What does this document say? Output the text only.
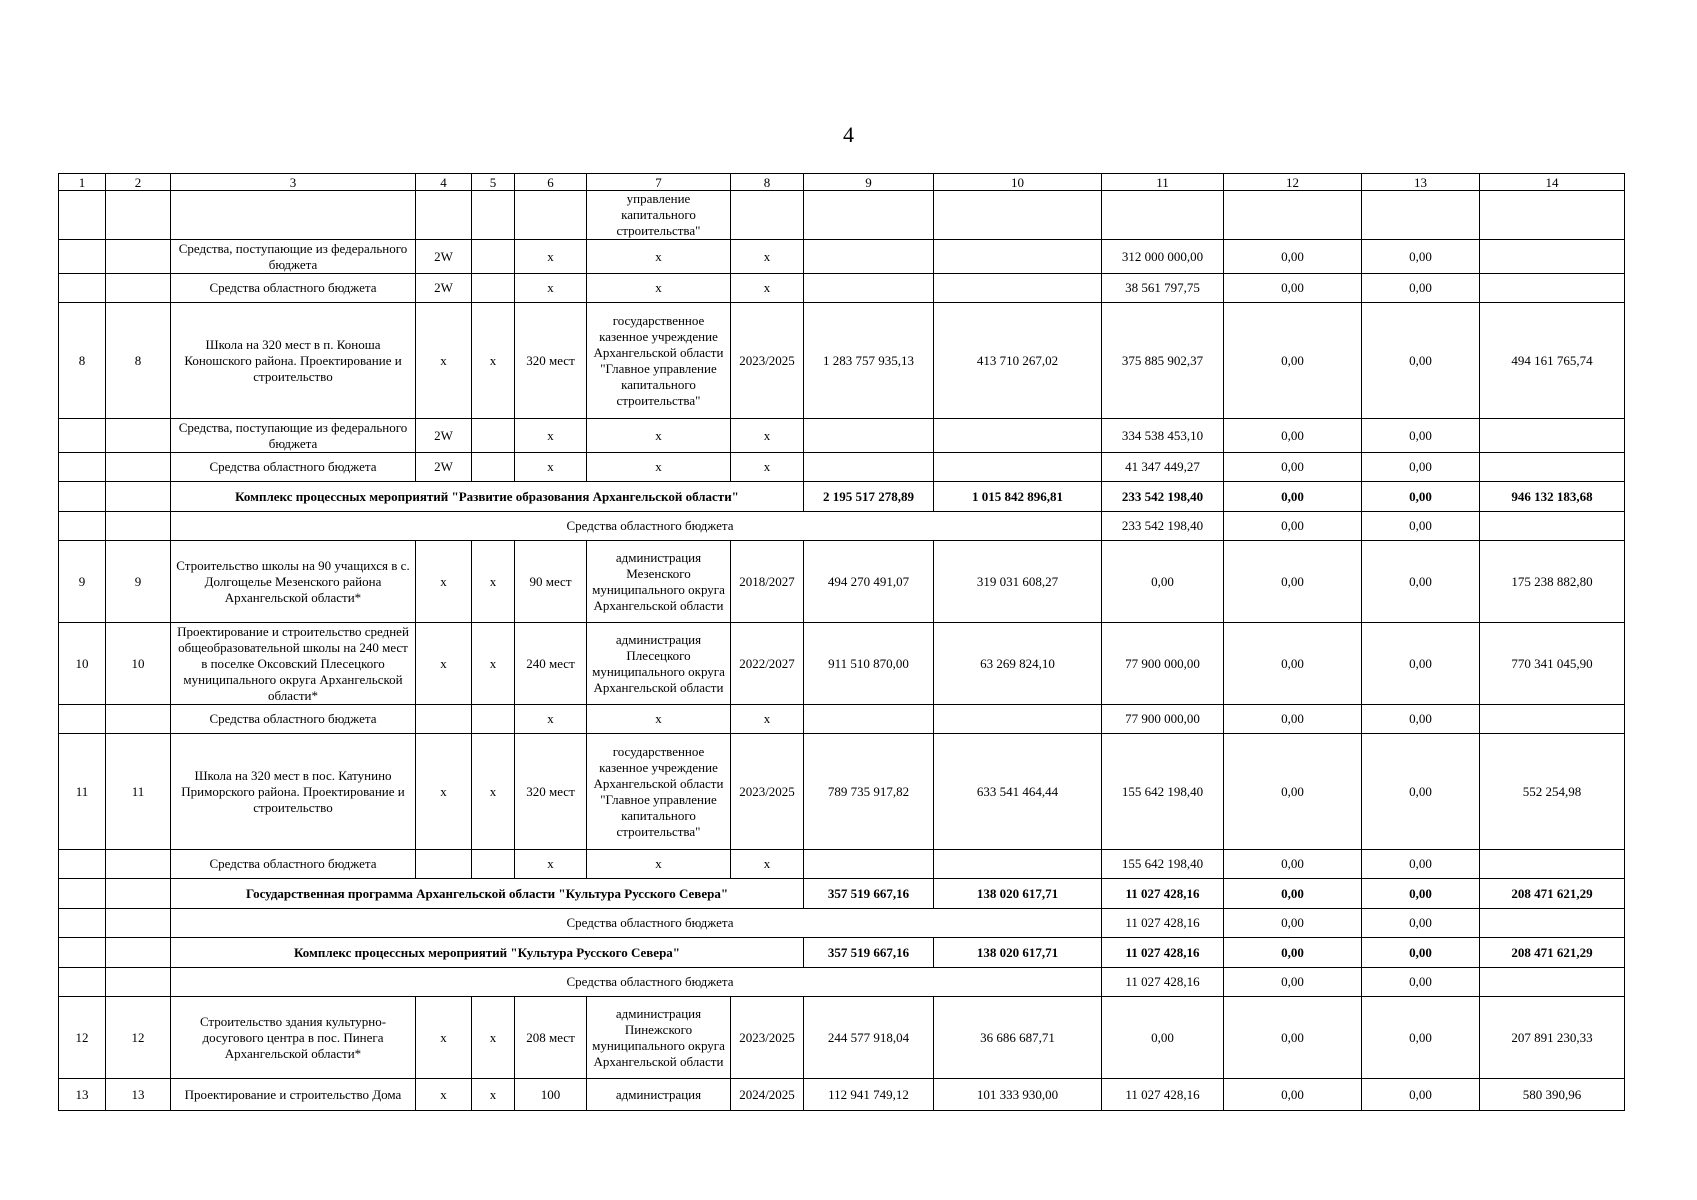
4
1	2	3	4	5	6	7	8	9	10	11	12	13	14
						управление капитального строительства"							
		Средства, поступающие из федерального бюджета	2W		х	х	х			312 000 000,00	0,00	0,00	
		Средства областного бюджета	2W		х	х	х			38 561 797,75	0,00	0,00	
8	8	Школа на 320 мест в п. Коноша Коношского района. Проектирование и строительство	х	х	320 мест	государственное казенное учреждение Архангельской области "Главное управление капитального строительства"	2023/2025	1 283 757 935,13	413 710 267,02	375 885 902,37	0,00	0,00	494 161 765,74
		Средства, поступающие из федерального бюджета	2W		х	х	х			334 538 453,10	0,00	0,00	
		Средства областного бюджета	2W		х	х	х			41 347 449,27	0,00	0,00	
		Комплекс процессных мероприятий "Развитие образования Архангельской области"						2 195 517 278,89	1 015 842 896,81	233 542 198,40	0,00	0,00	946 132 183,68
		Средства областного бюджета								233 542 198,40	0,00	0,00	
9	9	Строительство школы на 90 учащихся в с. Долгощелье Мезенского района Архангельской области*	х	х	90 мест	администрация Мезенского муниципального округа Архангельской области	2018/2027	494 270 491,07	319 031 608,27	0,00	0,00	0,00	175 238 882,80
10	10	Проектирование и строительство средней общеобразовательной школы на 240 мест в поселке Оксовский Плесецкого муниципального округа Архангельской области*	х	х	240 мест	администрация Плесецкого муниципального округа Архангельской области	2022/2027	911 510 870,00	63 269 824,10	77 900 000,00	0,00	0,00	770 341 045,90
		Средства областного бюджета			х	х	х			77 900 000,00	0,00	0,00	
11	11	Школа на 320 мест в пос. Катунино Приморского района. Проектирование и строительство	х	х	320 мест	государственное казенное учреждение Архангельской области "Главное управление капитального строительства"	2023/2025	789 735 917,82	633 541 464,44	155 642 198,40	0,00	0,00	552 254,98
		Средства областного бюджета			х	х	х			155 642 198,40	0,00	0,00	
		Государственная программа Архангельской области "Культура Русского Севера"						357 519 667,16	138 020 617,71	11 027 428,16	0,00	0,00	208 471 621,29
		Средства областного бюджета								11 027 428,16	0,00	0,00	
		Комплекс процессных мероприятий "Культура Русского Севера"						357 519 667,16	138 020 617,71	11 027 428,16	0,00	0,00	208 471 621,29
		Средства областного бюджета								11 027 428,16	0,00	0,00	
12	12	Строительство здания культурно-досугового центра в пос. Пинега Архангельской области*	х	х	208 мест	администрация Пинежского муниципального округа Архангельской области	2023/2025	244 577 918,04	36 686 687,71	0,00	0,00	0,00	207 891 230,33
13	13	Проектирование и строительство Дома	х	х	100	администрация	2024/2025	112 941 749,12	101 333 930,00	11 027 428,16	0,00	0,00	580 390,96
